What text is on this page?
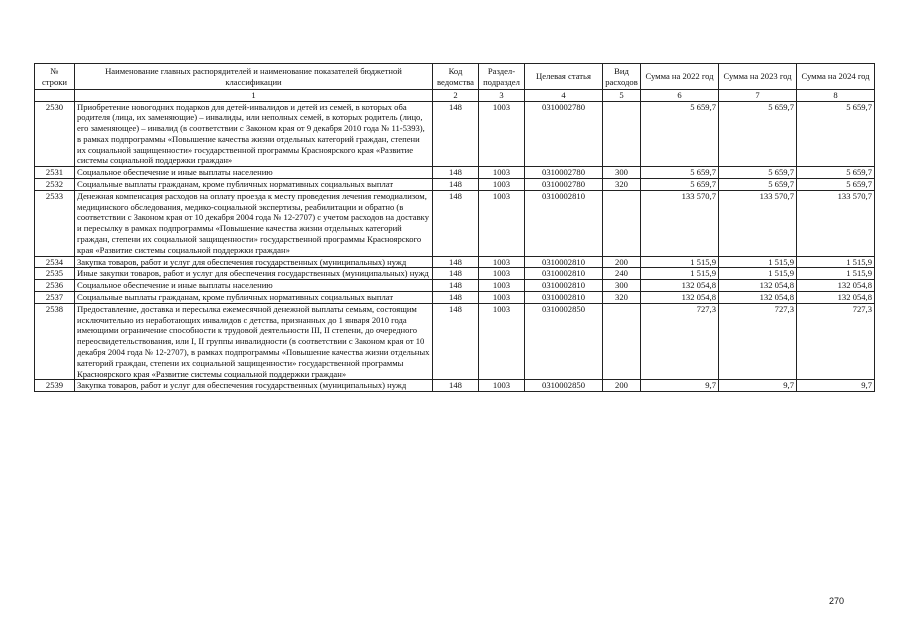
№ строки	Наименование главных распорядителей и наименование показателей бюджетной классификации	Код ведомства	Раздел-подраздел	Целевая статья	Вид расходов	Сумма на 2022 год	Сумма на 2023 год	Сумма на 2024 год
	1	2	3	4	5	6	7	8
2530	Приобретение новогодних подарков для детей-инвалидов и детей из семей, в которых оба родителя (лица, их заменяющие) – инвалиды, или неполных семей, в которых родитель (лицо, его заменяющее) – инвалид (в соответствии с Законом края от 9 декабря 2010 года № 11-5393), в рамках подпрограммы «Повышение качества жизни отдельных категорий граждан, степени их социальной защищенности» государственной программы Красноярского края «Развитие системы социальной поддержки граждан»	148	1003	0310002780		5 659,7	5 659,7	5 659,7
2531	Социальное обеспечение и иные выплаты населению	148	1003	0310002780	300	5 659,7	5 659,7	5 659,7
2532	Социальные выплаты гражданам, кроме публичных нормативных социальных выплат	148	1003	0310002780	320	5 659,7	5 659,7	5 659,7
2533	Денежная компенсация расходов на оплату проезда к месту проведения лечения гемодиализом, медицинского обследования, медико-социальной экспертизы, реабилитации и обратно (в соответствии с Законом края от 10 декабря 2004 года № 12-2707) с учетом расходов на доставку и пересылку в рамках подпрограммы «Повышение качества жизни отдельных категорий граждан, степени их социальной защищенности» государственной программы Красноярского края «Развитие системы социальной поддержки граждан»	148	1003	0310002810		133 570,7	133 570,7	133 570,7
2534	Закупка товаров, работ и услуг для обеспечения государственных (муниципальных) нужд	148	1003	0310002810	200	1 515,9	1 515,9	1 515,9
2535	Иные закупки товаров, работ и услуг для обеспечения государственных (муниципальных) нужд	148	1003	0310002810	240	1 515,9	1 515,9	1 515,9
2536	Социальное обеспечение и иные выплаты населению	148	1003	0310002810	300	132 054,8	132 054,8	132 054,8
2537	Социальные выплаты гражданам, кроме публичных нормативных социальных выплат	148	1003	0310002810	320	132 054,8	132 054,8	132 054,8
2538	Предоставление, доставка и пересылка ежемесячной денежной выплаты семьям, состоящим исключительно из неработающих инвалидов с детства, признанных до 1 января 2010 года имеющими ограничение способности к трудовой деятельности III, II степени, до очередного переосвидетельствования, или I, II группы инвалидности (в соответствии с Законом края от 10 декабря 2004 года № 12-2707), в рамках подпрограммы «Повышение качества жизни отдельных категорий граждан, степени их социальной защищенности» государственной программы Красноярского края «Развитие системы социальной поддержки граждан»	148	1003	0310002850		727,3	727,3	727,3
2539	Закупка товаров, работ и услуг для обеспечения государственных (муниципальных) нужд	148	1003	0310002850	200	9,7	9,7	9,7
270
